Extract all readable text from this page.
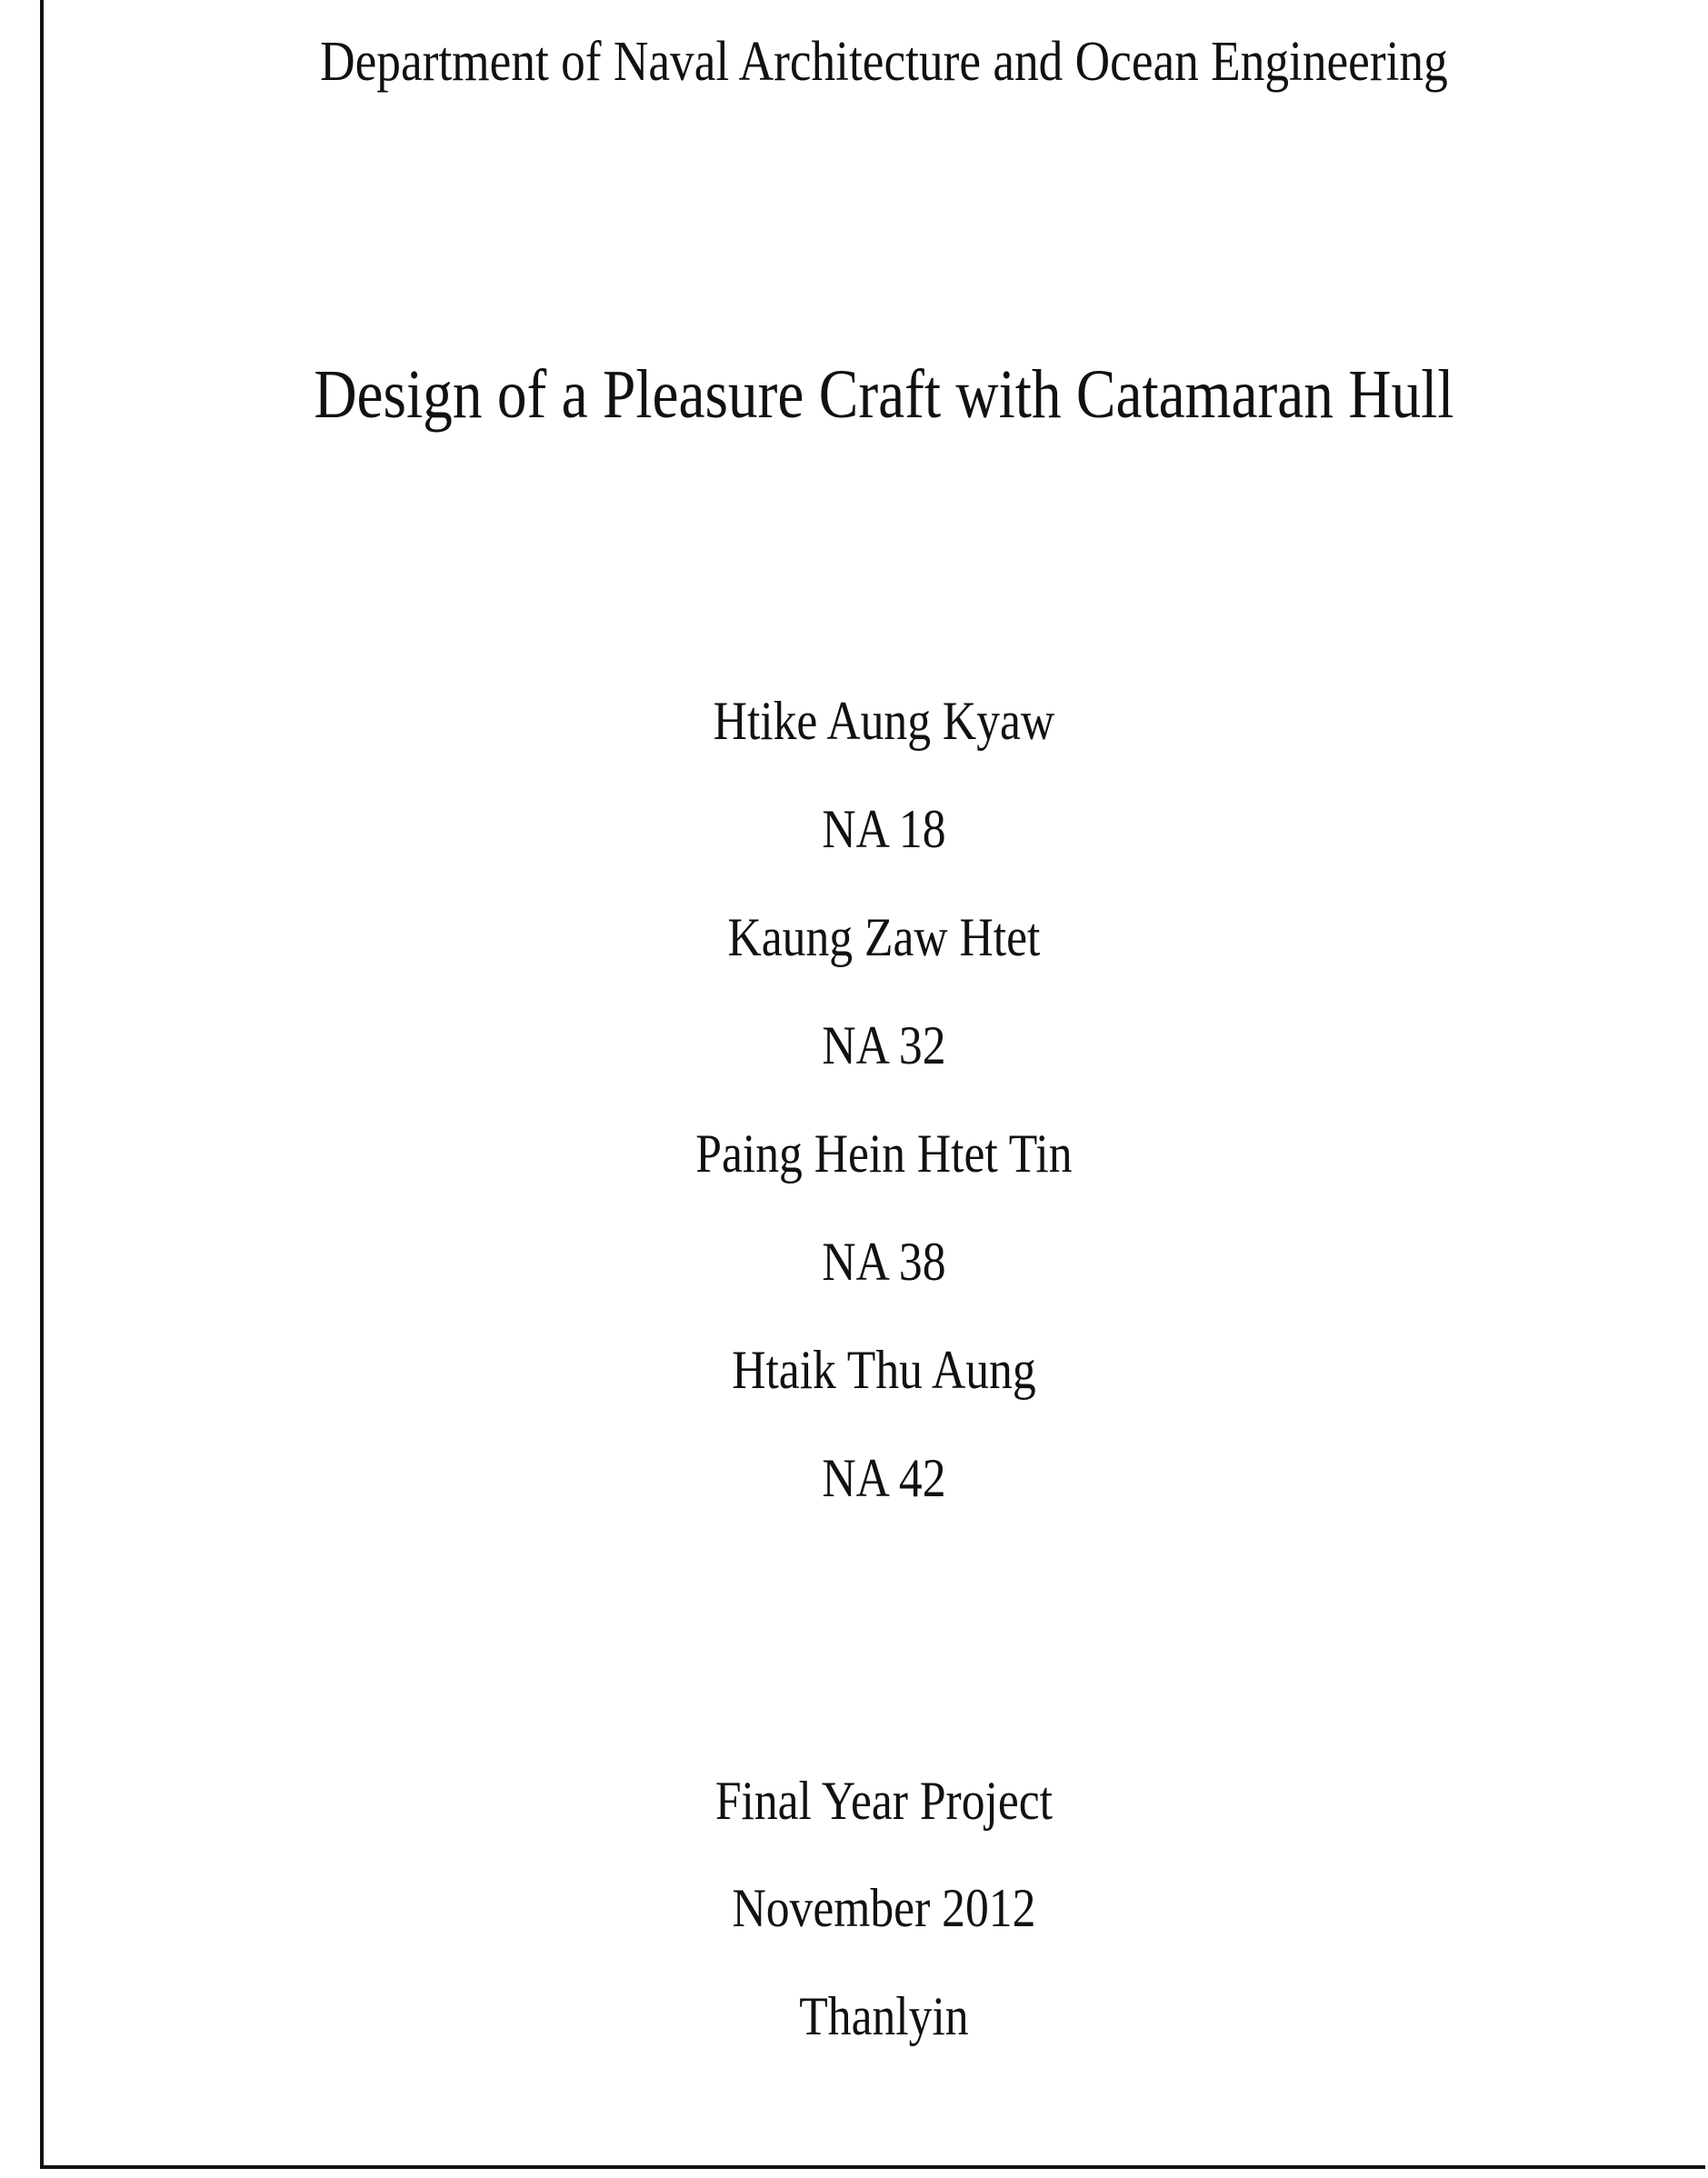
Department of Naval Architecture and Ocean Engineering
Design of a Pleasure Craft with Catamaran Hull
Htike Aung Kyaw
NA 18
Kaung Zaw Htet
NA 32
Paing Hein Htet Tin
NA 38
Htaik Thu Aung
NA 42
Final Year Project
November 2012
Thanlyin
